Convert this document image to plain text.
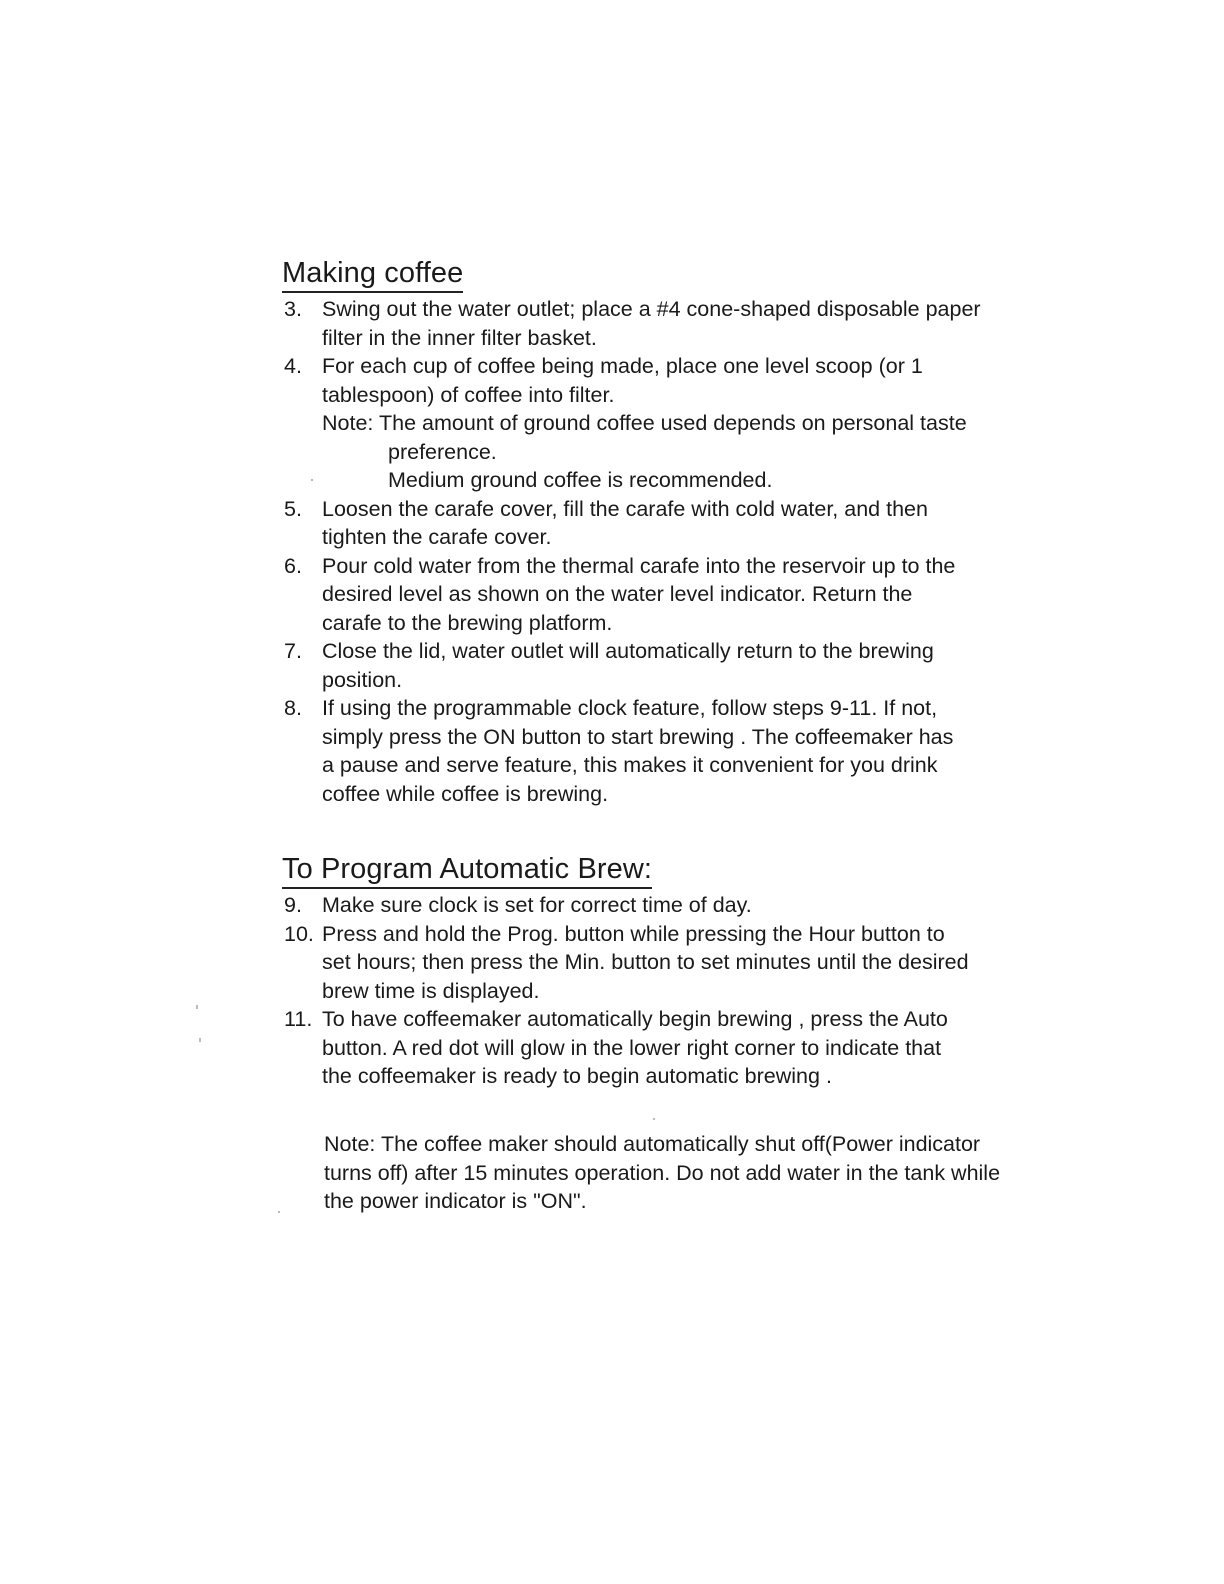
Making coffee
3. Swing out the water outlet; place a #4 cone-shaped disposable paper
filter in the inner filter basket.
4. For each cup of coffee being made, place one level scoop (or 1
tablespoon) of coffee into filter.
Note: The amount of ground coffee used depends on personal taste
preference.
Medium ground coffee is recommended.
5. Loosen the carafe cover, fill the carafe with cold water, and then
tighten the carafe cover.
6. Pour cold water from the thermal carafe into the reservoir up to the
desired level as shown on the water level indicator. Return the
carafe to the brewing platform.
7. Close the lid, water outlet will automatically return to the brewing
position.
8. If using the programmable clock feature, follow steps 9-11. If not,
simply press the ON button to start brewing . The coffeemaker has
a pause and serve feature, this makes it convenient for you drink
coffee while coffee is brewing.
To Program Automatic Brew:
9. Make sure clock is set for correct time of day.
10. Press and hold the Prog. button while pressing the Hour button to
set hours; then press the Min. button to set minutes until the desired
brew time is displayed.
11. To have coffeemaker automatically begin brewing , press the Auto
button. A red dot will glow in the lower right corner to indicate that
the coffeemaker is ready to begin automatic brewing .
Note: The coffee maker should automatically shut off(Power indicator
turns off) after 15 minutes operation. Do not add water in the tank while
the power indicator is "ON".
